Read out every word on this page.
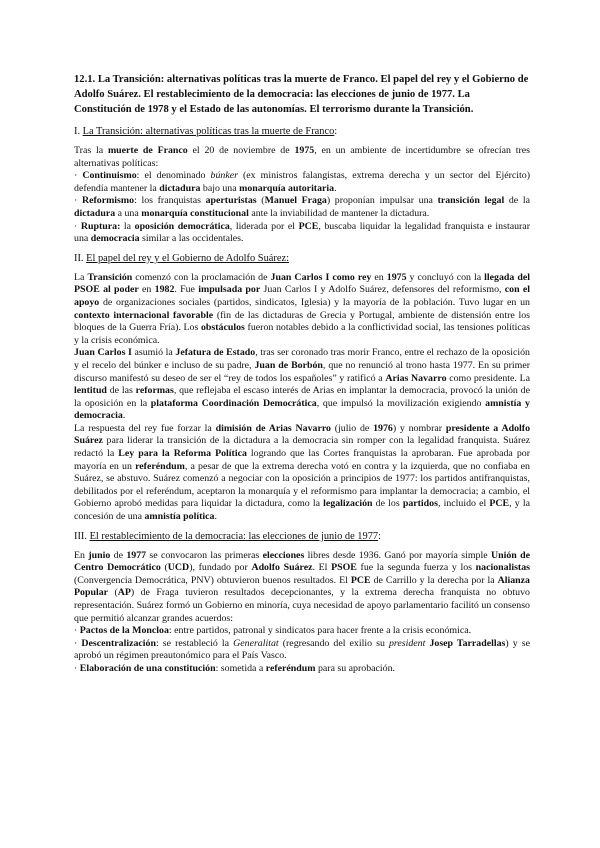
12.1. La Transición: alternativas políticas tras la muerte de Franco. El papel del rey y el Gobierno de Adolfo Suárez. El restablecimiento de la democracia: las elecciones de junio de 1977. La Constitución de 1978 y el Estado de las autonomías. El terrorismo durante la Transición.
I. La Transición: alternativas políticas tras la muerte de Franco:

Tras la muerte de Franco el 20 de noviembre de 1975, en un ambiente de incertidumbre se ofrecían tres alternativas políticas:

· Continuismo: el denominado búnker (ex ministros falangistas, extrema derecha y un sector del Ejército) defendía mantener la dictadura bajo una monarquía autoritaria.

· Reformismo: los franquistas aperturistas (Manuel Fraga) proponían impulsar una transición legal de la dictadura a una monarquía constitucional ante la inviabilidad de mantener la dictadura.

· Ruptura: la oposición democrática, liderada por el PCE, buscaba liquidar la legalidad franquista e instaurar una democracia similar a las occidentales.

II. El papel del rey y el Gobierno de Adolfo Suárez:

La Transición comenzó con la proclamación de Juan Carlos I como rey en 1975 y concluyó con la llegada del PSOE al poder en 1982. Fue impulsada por Juan Carlos I y Adolfo Suárez, defensores del reformismo, con el apoyo de organizaciones sociales (partidos, sindicatos, Iglesia) y la mayoría de la población. Tuvo lugar en un contexto internacional favorable (fin de las dictaduras de Grecia y Portugal, ambiente de distensión entre los bloques de la Guerra Fría). Los obstáculos fueron notables debido a la conflictividad social, las tensiones políticas y la crisis económica.

Juan Carlos I asumió la Jefatura de Estado, tras ser coronado tras morir Franco, entre el rechazo de la oposición y el recelo del búnker e incluso de su padre, Juan de Borbón, que no renunció al trono hasta 1977. En su primer discurso manifestó su deseo de ser el “rey de todos los españoles” y ratificó a Arias Navarro como presidente. La lentitud de las reformas, que reflejaba el escaso interés de Arias en implantar la democracia, provocó la unión de la oposición en la plataforma Coordinación Democrática, que impulsó la movilización exigiendo amnistía y democracia.

La respuesta del rey fue forzar la dimisión de Arias Navarro (julio de 1976) y nombrar presidente a Adolfo Suárez para liderar la transición de la dictadura a la democracia sin romper con la legalidad franquista. Suárez redactó la Ley para la Reforma Política logrando que las Cortes franquistas la aprobaran. Fue aprobada por mayoría en un referéndum, a pesar de que la extrema derecha votó en contra y la izquierda, que no confiaba en Suárez, se abstuvo. Suárez comenzó a negociar con la oposición a principios de 1977: los partidos antifranquistas, debilitados por el referéndum, aceptaron la monarquía y el reformismo para implantar la democracia; a cambio, el Gobierno aprobó medidas para liquidar la dictadura, como la legalización de los partidos, incluido el PCE, y la concesión de una amnistía política.

III. El restablecimiento de la democracia: las elecciones de junio de 1977:

En junio de 1977 se convocaron las primeras elecciones libres desde 1936. Ganó por mayoría simple Unión de Centro Democrático (UCD), fundado por Adolfo Suárez. El PSOE fue la segunda fuerza y los nacionalistas (Convergencia Democrática, PNV) obtuvieron buenos resultados. El PCE de Carrillo y la derecha por la Alianza Popular (AP) de Fraga tuvieron resultados decepcionantes, y la extrema derecha franquista no obtuvo representación. Suárez formó un Gobierno en minoría, cuya necesidad de apoyo parlamentario facilitó un consenso que permitió alcanzar grandes acuerdos:

· Pactos de la Moncloa: entre partidos, patronal y sindicatos para hacer frente a la crisis económica.

· Descentralización: se restableció la Generalitat (regresando del exilio su president Josep Tarradellas) y se aprobó un régimen preautonómico para el País Vasco.

· Elaboración de una constitución: sometida a referéndum para su aprobación.
